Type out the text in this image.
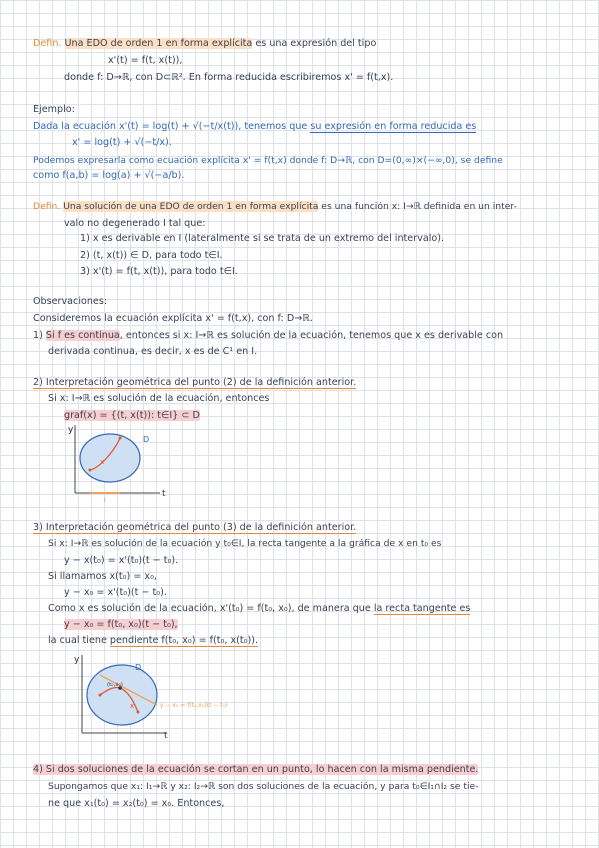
Defin. Una EDO de orden 1 en forma explícita es una expresión del tipo
x'(t) = f(t, x(t)),
donde f: D→ℝ, con D⊂ℝ². En forma reducida escribiremos x' = f(t,x).
Ejemplo:
Dada la ecuación x'(t) = log(t) + √(−t/x(t)), tenemos que su expresión en forma reducida es
x' = log(t) + √(−t/x).
Podemos expresarla como ecuación explícita x' = f(t,x) donde f: D→ℝ, con D=(0,∞)×(−∞,0), se define
como f(a,b) = log(a) + √(−a/b).
Defin. Una solución de una EDO de orden 1 en forma explícita es una función x: I→ℝ definida en un inter-
valo no degenerado I tal que:
1) x es derivable en I (lateralmente si se trata de un extremo del intervalo).
2) (t, x(t)) ∈ D, para todo t∈I.
3) x'(t) = f(t, x(t)), para todo t∈I.
Observaciones:
Consideremos la ecuación explícita x' = f(t,x), con f: D→ℝ.
1) Si f es continua, entonces si x: I→ℝ es solución de la ecuación, tenemos que x es derivable con
derivada continua, es decir, x es de C¹ en I.
2) Interpretación geométrica del punto (2) de la definición anterior.
Si x: I→ℝ es solución de la ecuación, entonces
graf(x) = {(t, x(t)): t∈I} ⊂ D
y
t
D
x
I
3) Interpretación geométrica del punto (3) de la definición anterior.
Si x: I→ℝ es solución de la ecuación y t₀∈I, la recta tangente a la gráfica de x en t₀ es
y − x(t₀) = x'(t₀)(t − t₀).
Si llamamos x(t₀) = x₀,
y − x₀ = x'(t₀)(t − t₀).
Como x es solución de la ecuación, x'(t₀) = f(t₀, x₀), de manera que la recta tangente es
y − x₀ = f(t₀, x₀)(t − t₀),
la cual tiene pendiente f(t₀, x₀) = f(t₀, x(t₀)).
y
t
D
(t₀,x₀)
x	y − x₀ = f(t₀,x₀)(t − t₀)
4) Si dos soluciones de la ecuación se cortan en un punto, lo hacen con la misma pendiente.
Supongamos que x₁: I₁→ℝ y x₂: I₂→ℝ son dos soluciones de la ecuación, y para t₀∈I₁∩I₂ se tie-
ne que x₁(t₀) = x₂(t₀) = x₀. Entonces,
